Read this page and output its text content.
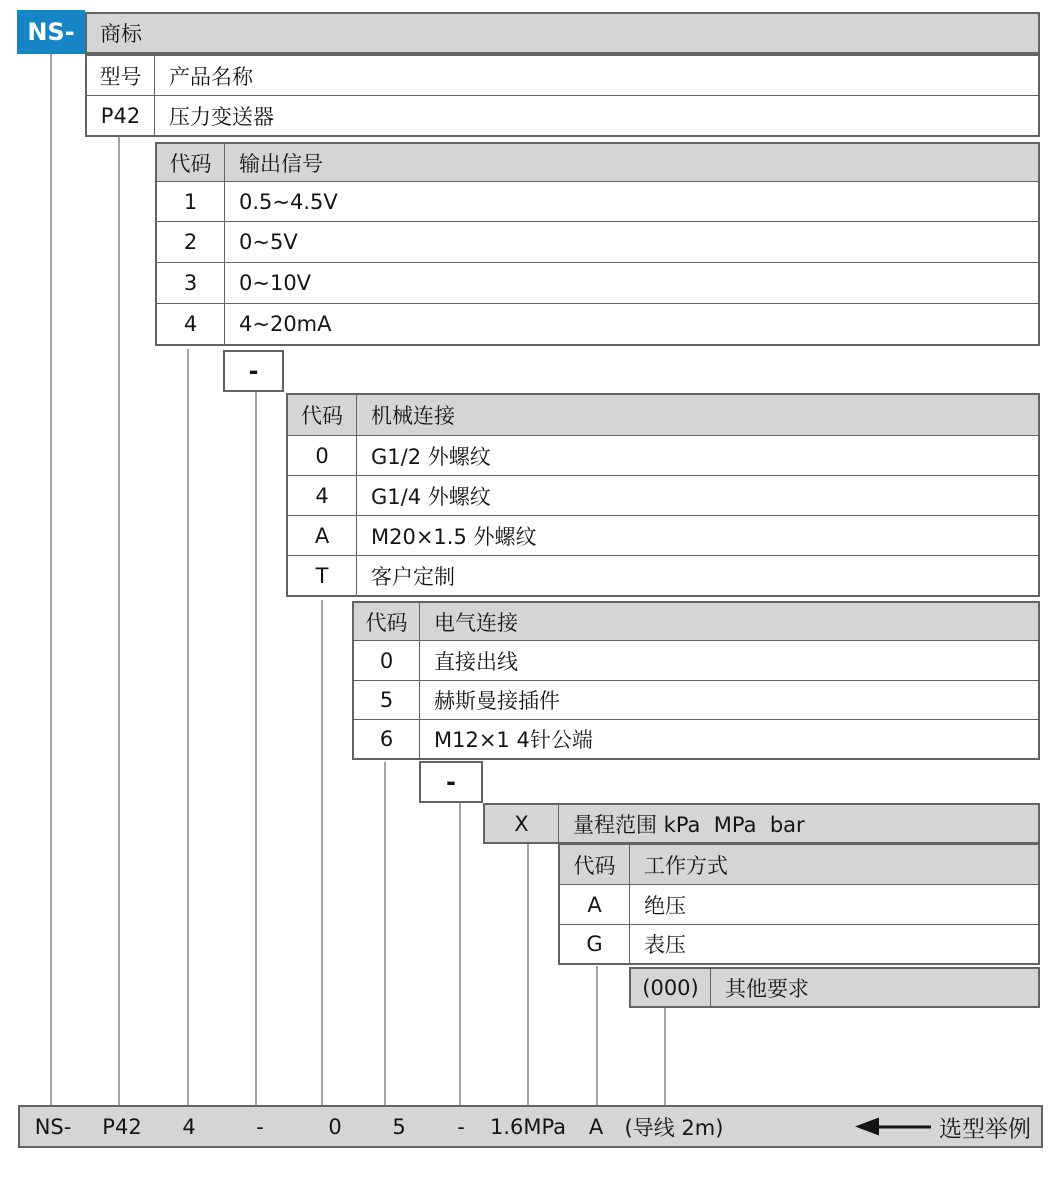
NS- 商标
型号	产品名称
P42	压力变送器
代码	输出信号
1	0.5~4.5V
2	0~5V
3	0~10V
4	4~20mA
-
代码	机械连接
0	G1/2 外螺纹
4	G1/4 外螺纹
A	M20×1.5 外螺纹
T	客户定制
代码	电气连接
0	直接出线
5	赫斯曼接插件
6	M12×1 4针公端
-
X	量程范围 kPa  MPa  bar
代码	工作方式
A	绝压
G	表压
(000)	其他要求
NS- P42 4	-	0 5 - 1.6MPa A (导线 2m)	选型举例
